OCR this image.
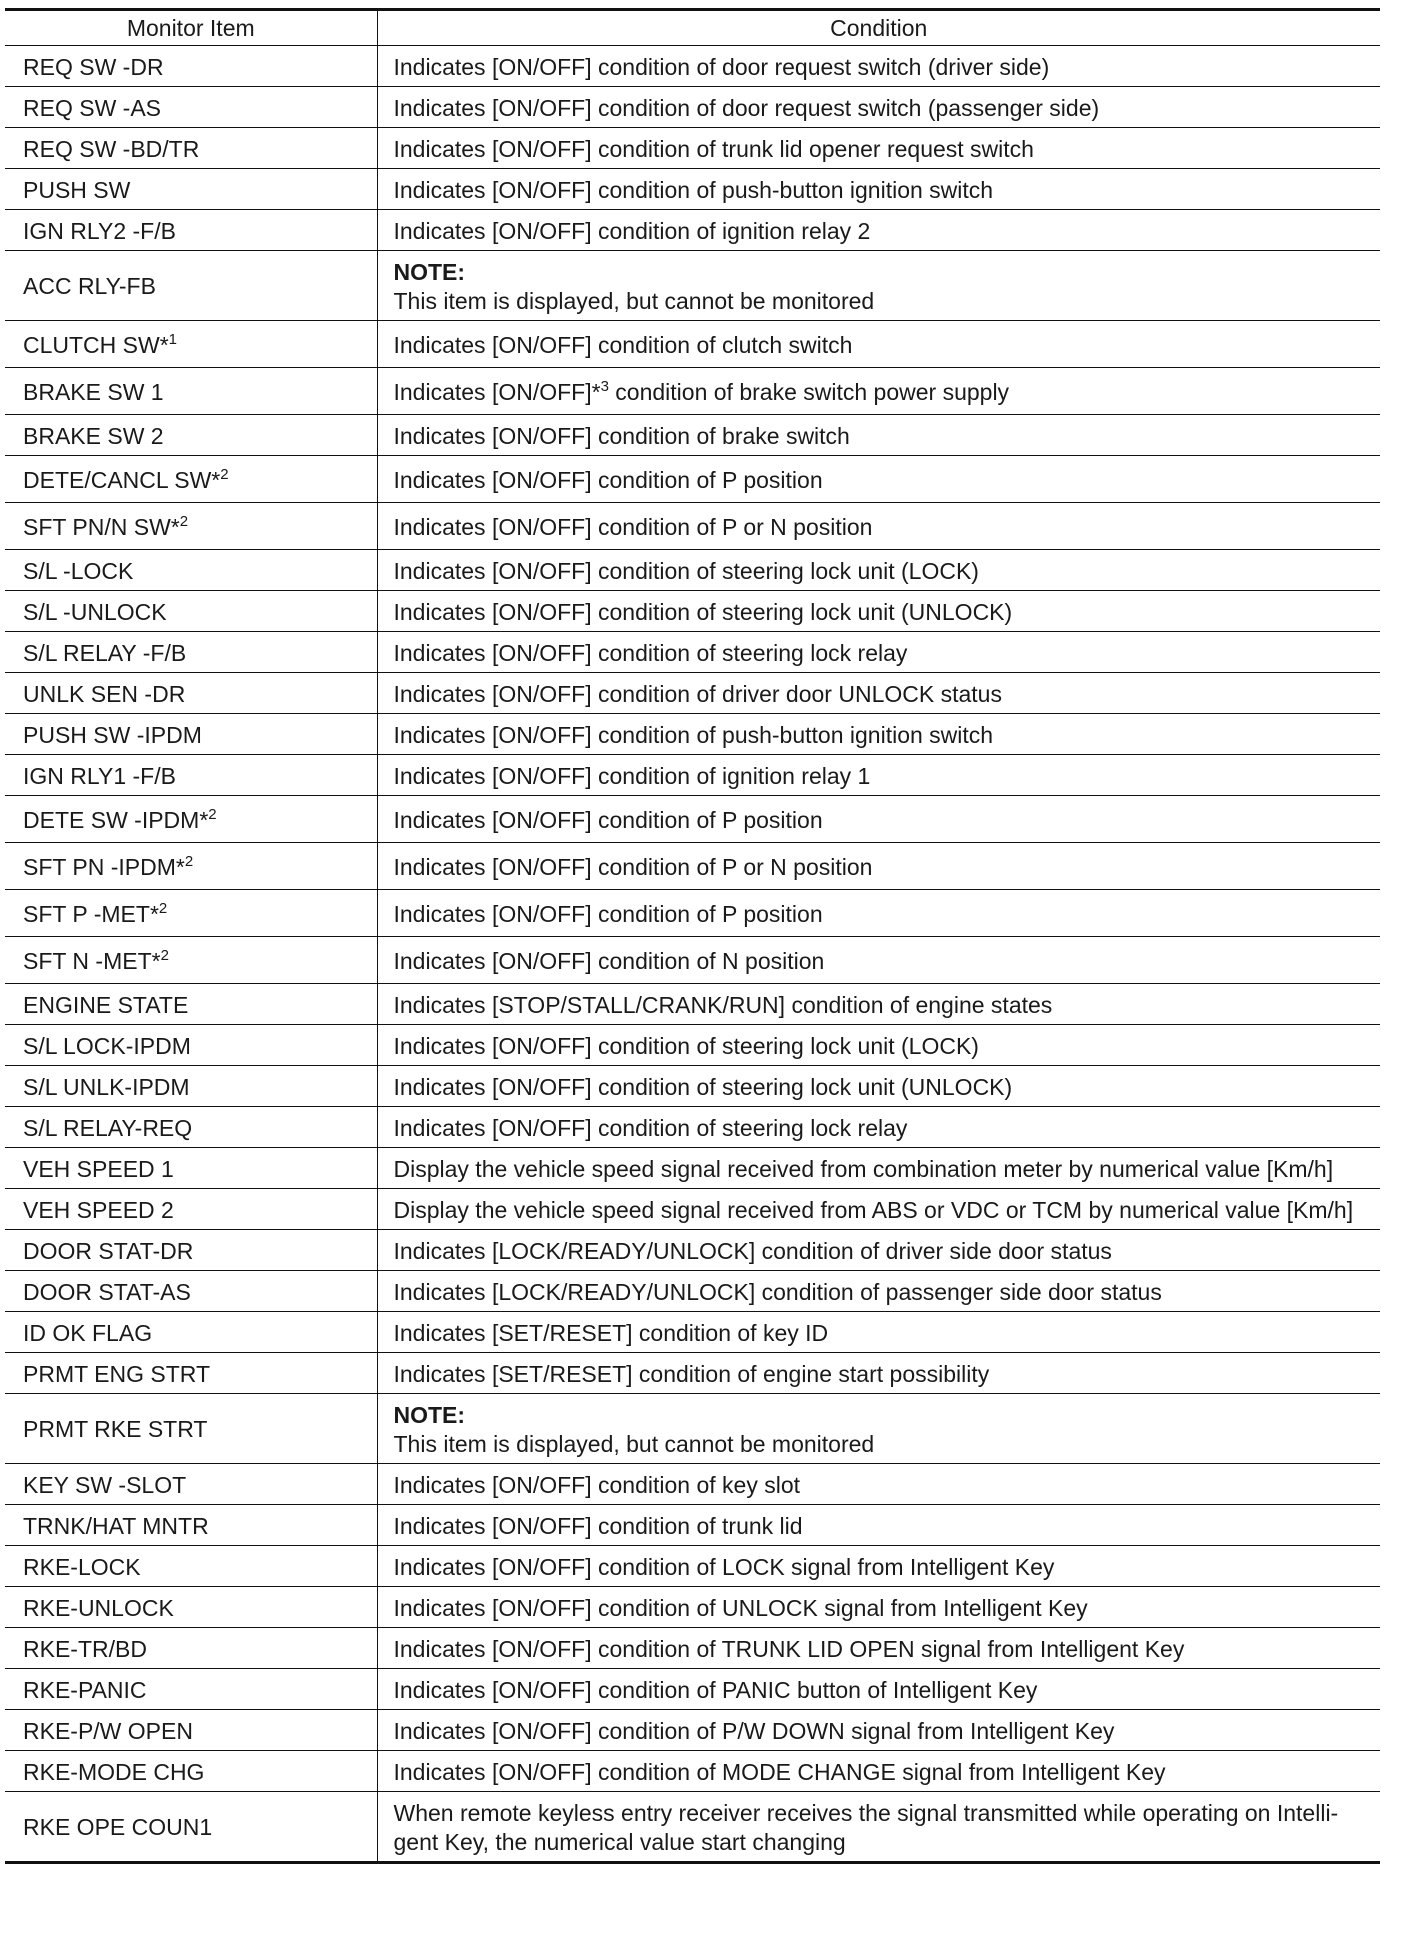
Monitor Item	Condition
REQ SW -DR	Indicates [ON/OFF] condition of door request switch (driver side)
REQ SW -AS	Indicates [ON/OFF] condition of door request switch (passenger side)
REQ SW -BD/TR	Indicates [ON/OFF] condition of trunk lid opener request switch
PUSH SW	Indicates [ON/OFF] condition of push-button ignition switch
IGN RLY2 -F/B	Indicates [ON/OFF] condition of ignition relay 2
ACC RLY-FB	NOTE:
This item is displayed, but cannot be monitored

CLUTCH SW*$^1$	Indicates [ON/OFF] condition of clutch switch
BRAKE SW 1	Indicates [ON/OFF]*$^3$ condition of brake switch power supply
BRAKE SW 2	Indicates [ON/OFF] condition of brake switch
DETE/CANCL SW*$^2$	Indicates [ON/OFF] condition of P position
SFT PN/N SW*$^2$	Indicates [ON/OFF] condition of P or N position
S/L -LOCK	Indicates [ON/OFF] condition of steering lock unit (LOCK)
S/L -UNLOCK	Indicates [ON/OFF] condition of steering lock unit (UNLOCK)
S/L RELAY -F/B	Indicates [ON/OFF] condition of steering lock relay
UNLK SEN -DR	Indicates [ON/OFF] condition of driver door UNLOCK status
PUSH SW -IPDM	Indicates [ON/OFF] condition of push-button ignition switch
IGN RLY1 -F/B	Indicates [ON/OFF] condition of ignition relay 1
DETE SW -IPDM*$^2$	Indicates [ON/OFF] condition of P position
SFT PN -IPDM*$^2$	Indicates [ON/OFF] condition of P or N position
SFT P -MET*$^2$	Indicates [ON/OFF] condition of P position
SFT N -MET*$^2$	Indicates [ON/OFF] condition of N position
ENGINE STATE	Indicates [STOP/STALL/CRANK/RUN] condition of engine states
S/L LOCK-IPDM	Indicates [ON/OFF] condition of steering lock unit (LOCK)
S/L UNLK-IPDM	Indicates [ON/OFF] condition of steering lock unit (UNLOCK)
S/L RELAY-REQ	Indicates [ON/OFF] condition of steering lock relay
VEH SPEED 1	Display the vehicle speed signal received from combination meter by numerical value [Km/h]
VEH SPEED 2	Display the vehicle speed signal received from ABS or VDC or TCM by numerical value [Km/h]
DOOR STAT-DR	Indicates [LOCK/READY/UNLOCK] condition of driver side door status
DOOR STAT-AS	Indicates [LOCK/READY/UNLOCK] condition of passenger side door status
ID OK FLAG	Indicates [SET/RESET] condition of key ID
PRMT ENG STRT	Indicates [SET/RESET] condition of engine start possibility
PRMT RKE STRT	NOTE:
This item is displayed, but cannot be monitored

KEY SW -SLOT	Indicates [ON/OFF] condition of key slot
TRNK/HAT MNTR	Indicates [ON/OFF] condition of trunk lid
RKE-LOCK	Indicates [ON/OFF] condition of LOCK signal from Intelligent Key
RKE-UNLOCK	Indicates [ON/OFF] condition of UNLOCK signal from Intelligent Key
RKE-TR/BD	Indicates [ON/OFF] condition of TRUNK LID OPEN signal from Intelligent Key
RKE-PANIC	Indicates [ON/OFF] condition of PANIC button of Intelligent Key
RKE-P/W OPEN	Indicates [ON/OFF] condition of P/W DOWN signal from Intelligent Key
RKE-MODE CHG	Indicates [ON/OFF] condition of MODE CHANGE signal from Intelligent Key
RKE OPE COUN1	When remote keyless entry receiver receives the signal transmitted while operating on Intelli-
gent Key, the numerical value start changing
